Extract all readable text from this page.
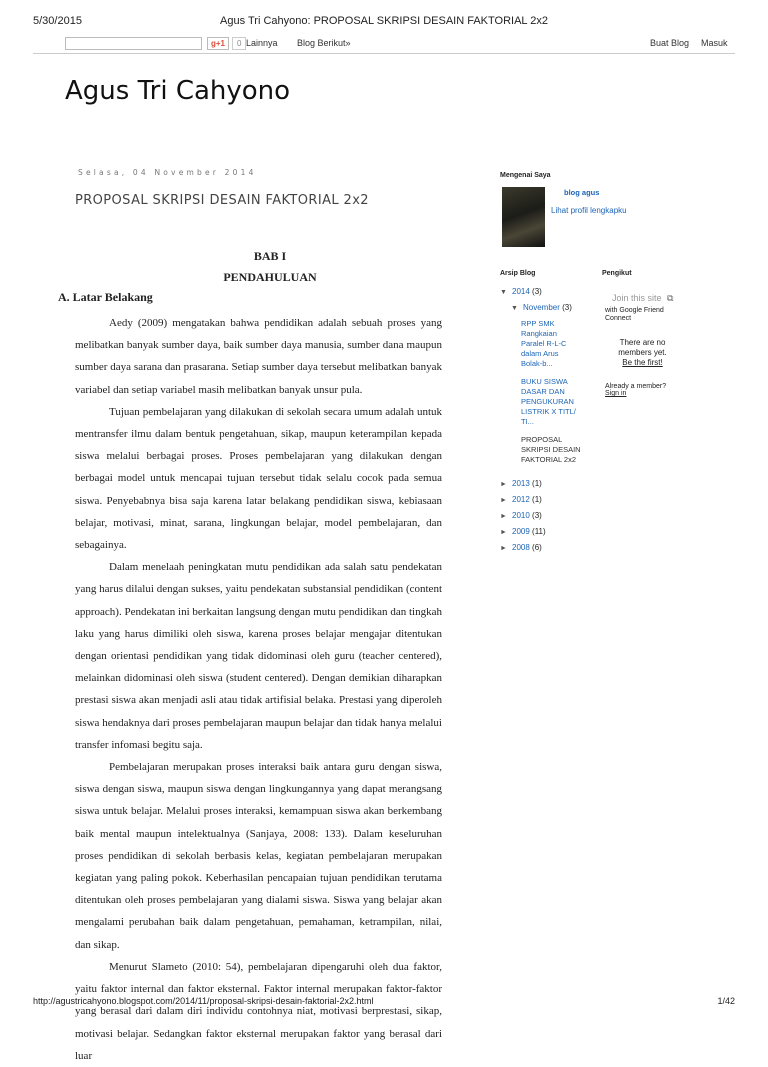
5/30/2015	Agus Tri Cahyono: PROPOSAL SKRIPSI DESAIN FAKTORIAL 2x2
g+1	0 Lainnya Blog Berikut»	Buat Blog Masuk
Agus Tri Cahyono
Selasa, 04 November 2014
PROPOSAL SKRIPSI DESAIN FAKTORIAL 2x2
BAB I
PENDAHULUAN
A. Latar Belakang

Aedy (2009) mengatakan bahwa pendidikan adalah sebuah proses yang melibatkan banyak sumber daya, baik sumber daya manusia, sumber dana maupun sumber daya sarana dan prasarana. Setiap sumber daya tersebut melibatkan banyak variabel dan setiap variabel masih melibatkan banyak unsur pula.

Tujuan pembelajaran yang dilakukan di sekolah secara umum adalah untuk mentransfer ilmu dalam bentuk pengetahuan, sikap, maupun keterampilan kepada siswa melalui berbagai proses. Proses pembelajaran yang dilakukan dengan berbagai model untuk mencapai tujuan tersebut tidak selalu cocok pada semua siswa. Penyebabnya bisa saja karena latar belakang pendidikan siswa, kebiasaan belajar, motivasi, minat, sarana, lingkungan belajar, model pembelajaran, dan sebagainya.

Dalam menelaah peningkatan mutu pendidikan ada salah satu pendekatan yang harus dilalui dengan sukses, yaitu pendekatan substansial pendidikan (content approach). Pendekatan ini berkaitan langsung dengan mutu pendidikan dan tingkah laku yang harus dimiliki oleh siswa, karena proses belajar mengajar ditentukan dengan orientasi pendidikan yang tidak didominasi oleh guru (teacher centered), melainkan didominasi oleh siswa (student centered). Dengan demikian diharapkan prestasi siswa akan menjadi asli atau tidak artifisial belaka. Prestasi yang diperoleh siswa hendaknya dari proses pembelajaran maupun belajar dan tidak hanya melalui transfer infomasi begitu saja.

Pembelajaran merupakan proses interaksi baik antara guru dengan siswa, siswa dengan siswa, maupun siswa dengan lingkungannya yang dapat merangsang siswa untuk belajar. Melalui proses interaksi, kemampuan siswa akan berkembang baik mental maupun intelektualnya (Sanjaya, 2008: 133). Dalam keseluruhan proses pendidikan di sekolah berbasis kelas, kegiatan pembelajaran merupakan kegiatan yang paling pokok. Keberhasilan pencapaian tujuan pendidikan terutama ditentukan oleh proses pembelajaran yang dialami siswa. Siswa yang belajar akan mengalami perubahan baik dalam pengetahuan, pemahaman, ketrampilan, nilai, dan sikap.

Menurut Slameto (2010: 54), pembelajaran dipengaruhi oleh dua faktor, yaitu faktor internal dan faktor eksternal. Faktor internal merupakan faktor-faktor yang berasal dari dalam diri individu contohnya niat, motivasi berprestasi, sikap, motivasi belajar. Sedangkan faktor eksternal merupakan faktor yang berasal dari luar

Mengenai Saya
blog agus
Lihat profil lengkapku
Arsip Blog	Pengikut
▼ 2014 (3)
▼ November (3)
RPP SMK Rangkaian Paralel R-L-C dalam Arus Bolak-b...
BUKU SISWA DASAR DAN PENGUKURAN LISTRIK X TITL/ TI...
PROPOSAL SKRIPSI DESAIN FAKTORIAL 2x2
► 2013 (1)
► 2012 (1)
► 2010 (3)
► 2009 (11)
► 2008 (6)
Join this site ⧉
with Google Friend Connect
There are no members yet.
Be the first!
Already a member?
Sign in
http://agustricahyono.blogspot.com/2014/11/proposal-skripsi-desain-faktorial-2x2.html	1/42
